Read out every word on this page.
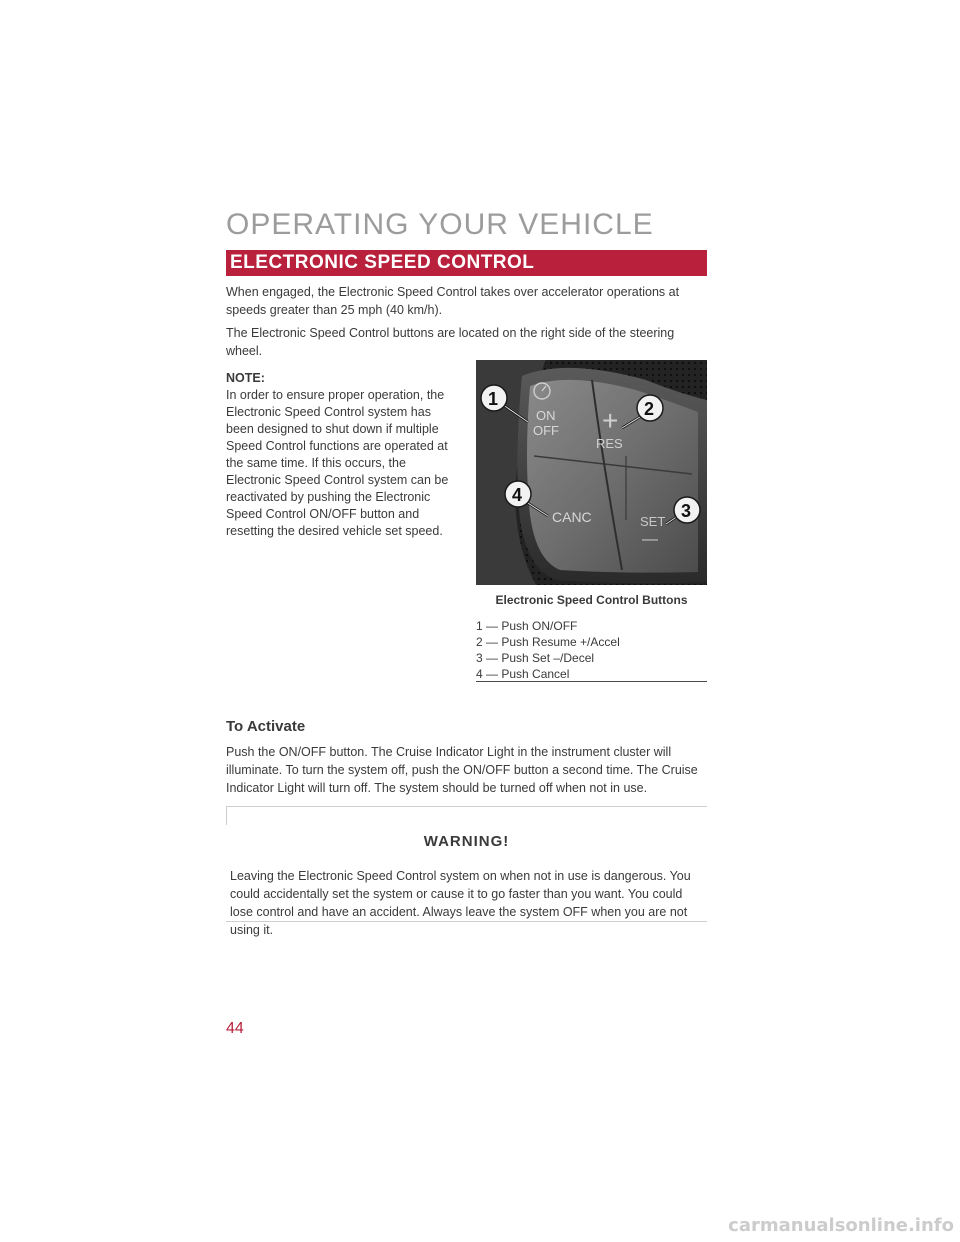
OPERATING YOUR VEHICLE
ELECTRONIC SPEED CONTROL
When engaged, the Electronic Speed Control takes over accelerator operations at speeds greater than 25 mph (40 km/h).
The Electronic Speed Control buttons are located on the right side of the steering wheel.
NOTE:
In order to ensure proper operation, the Electronic Speed Control system has been designed to shut down if multiple Speed Control functions are operated at the same time. If this occurs, the Electronic Speed Control system can be reactivated by pushing the Electronic Speed Control ON/OFF button and resetting the desired vehicle set speed.
ON
OFF +
RES
CANC	SET
—
1	2
3
4
Electronic Speed Control Buttons
1 — Push ON/OFF
2 — Push Resume +/Accel
3 — Push Set –/Decel
4 — Push Cancel
To Activate
Push the ON/OFF button. The Cruise Indicator Light in the instrument cluster will illuminate. To turn the system off, push the ON/OFF button a second time. The Cruise Indicator Light will turn off. The system should be turned off when not in use.
WARNING!
Leaving the Electronic Speed Control system on when not in use is dangerous. You could accidentally set the system or cause it to go faster than you want. You could lose control and have an accident. Always leave the system OFF when you are not using it.
44
carmanualsonline.info
